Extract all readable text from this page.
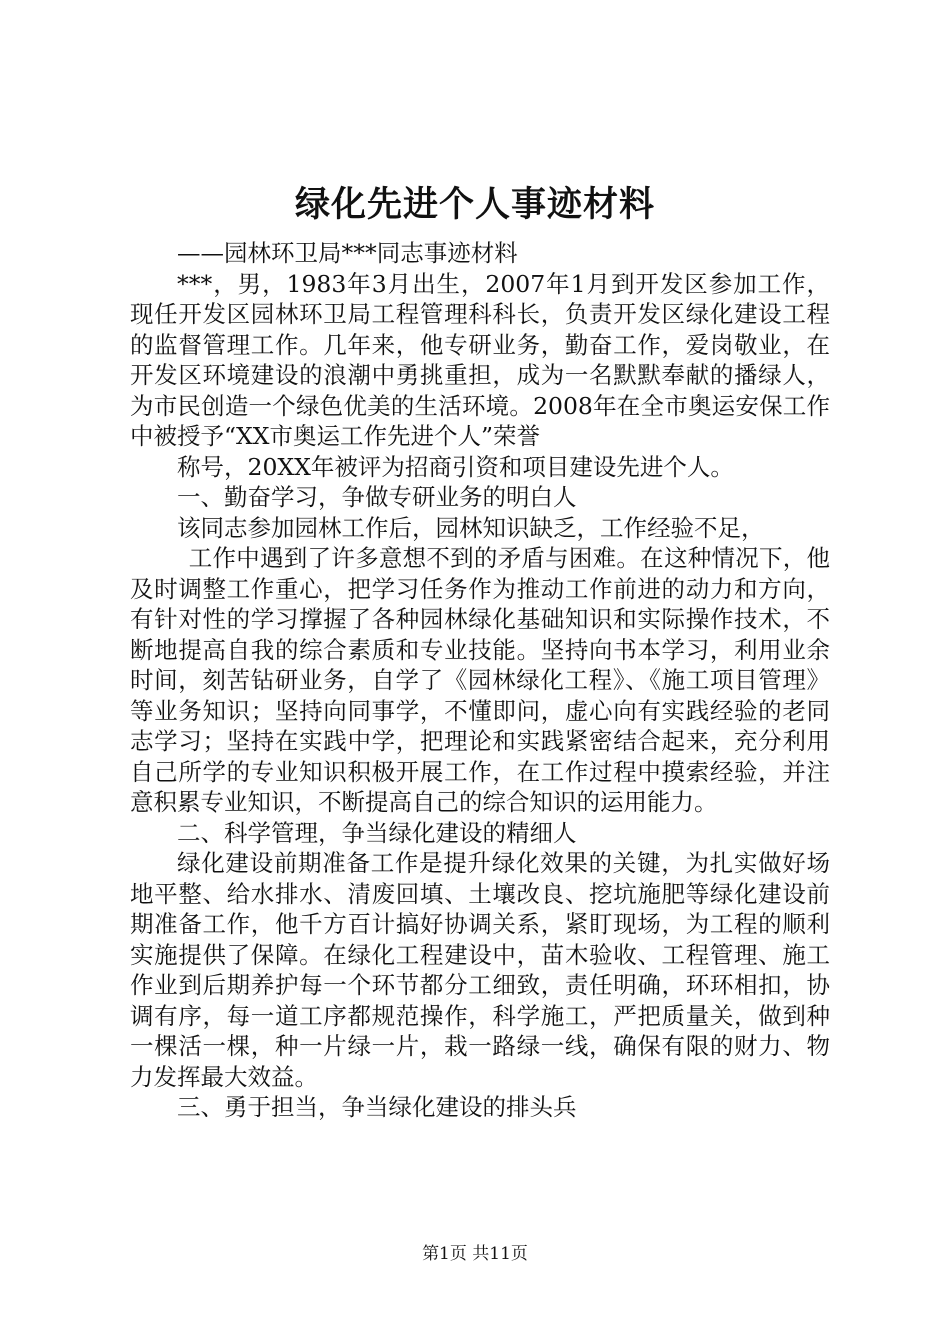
绿化先进个人事迹材料

——园林环卫局***同志事迹材料

***，男，1983年3月出生，2007年1月到开发区参加工作，现任开发区园林环卫局工程管理科科长，负责开发区绿化建设工程的监督管理工作。几年来，他专研业务，勤奋工作，爱岗敬业，在开发区环境建设的浪潮中勇挑重担，成为一名默默奉献的播绿人，为市民创造一个绿色优美的生活环境。2008年在全市奥运安保工作中被授予“XX市奥运工作先进个人”荣誉

称号，20XX年被评为招商引资和项目建设先进个人。

一、勤奋学习，争做专研业务的明白人

该同志参加园林工作后，园林知识缺乏，工作经验不足，

工作中遇到了许多意想不到的矛盾与困难。在这种情况下，他及时调整工作重心，把学习任务作为推动工作前进的动力和方向，有针对性的学习撑握了各种园林绿化基础知识和实际操作技术，不断地提高自我的综合素质和专业技能。坚持向书本学习，利用业余时间，刻苦钻研业务，自学了《园林绿化工程》、《施工项目管理》等业务知识；坚持向同事学，不懂即问，虚心向有实践经验的老同志学习；坚持在实践中学，把理论和实践紧密结合起来，充分利用自己所学的专业知识积极开展工作，在工作过程中摸索经验，并注意积累专业知识，不断提高自己的综合知识的运用能力。

二、科学管理，争当绿化建设的精细人

绿化建设前期准备工作是提升绿化效果的关键，为扎实做好场地平整、给水排水、清废回填、土壤改良、挖坑施肥等绿化建设前期准备工作，他千方百计搞好协调关系，紧盯现场，为工程的顺利实施提供了保障。在绿化工程建设中，苗木验收、工程管理、施工作业到后期养护每一个环节都分工细致，责任明确，环环相扣，协调有序，每一道工序都规范操作，科学施工，严把质量关，做到种一棵活一棵，种一片绿一片，栽一路绿一线，确保有限的财力、物力发挥最大效益。

三、勇于担当，争当绿化建设的排头兵

第1页 共11页
